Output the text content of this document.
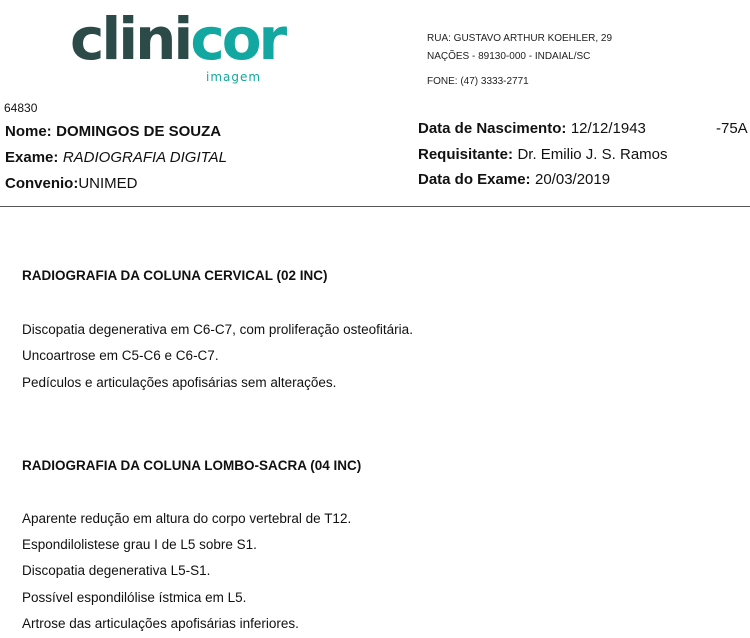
clinicor
imagem
RUA: GUSTAVO ARTHUR KOEHLER, 29
NAÇÕES - 89130-000 - INDAIAL/SC
FONE: (47) 3333-2771
64830
Nome: DOMINGOS DE SOUZA
Exame: RADIOGRAFIA DIGITAL
Convenio:UNIMED
Data de Nascimento: 12/12/1943	-75A
Requisitante: Dr. Emilio J. S. Ramos
Data do Exame: 20/03/2019
RADIOGRAFIA DA COLUNA CERVICAL (02 INC)
Discopatia degenerativa em C6-C7, com proliferação osteofitária.
Uncoartrose em C5-C6 e C6-C7.
Pedículos e articulações apofisárias sem alterações.
RADIOGRAFIA DA COLUNA LOMBO-SACRA (04 INC)
Aparente redução em altura do corpo vertebral de T12.
Espondilolistese grau I de L5 sobre S1.
Discopatia degenerativa L5-S1.
Possível espondilólise ístmica em L5.
Artrose das articulações apofisárias inferiores.
